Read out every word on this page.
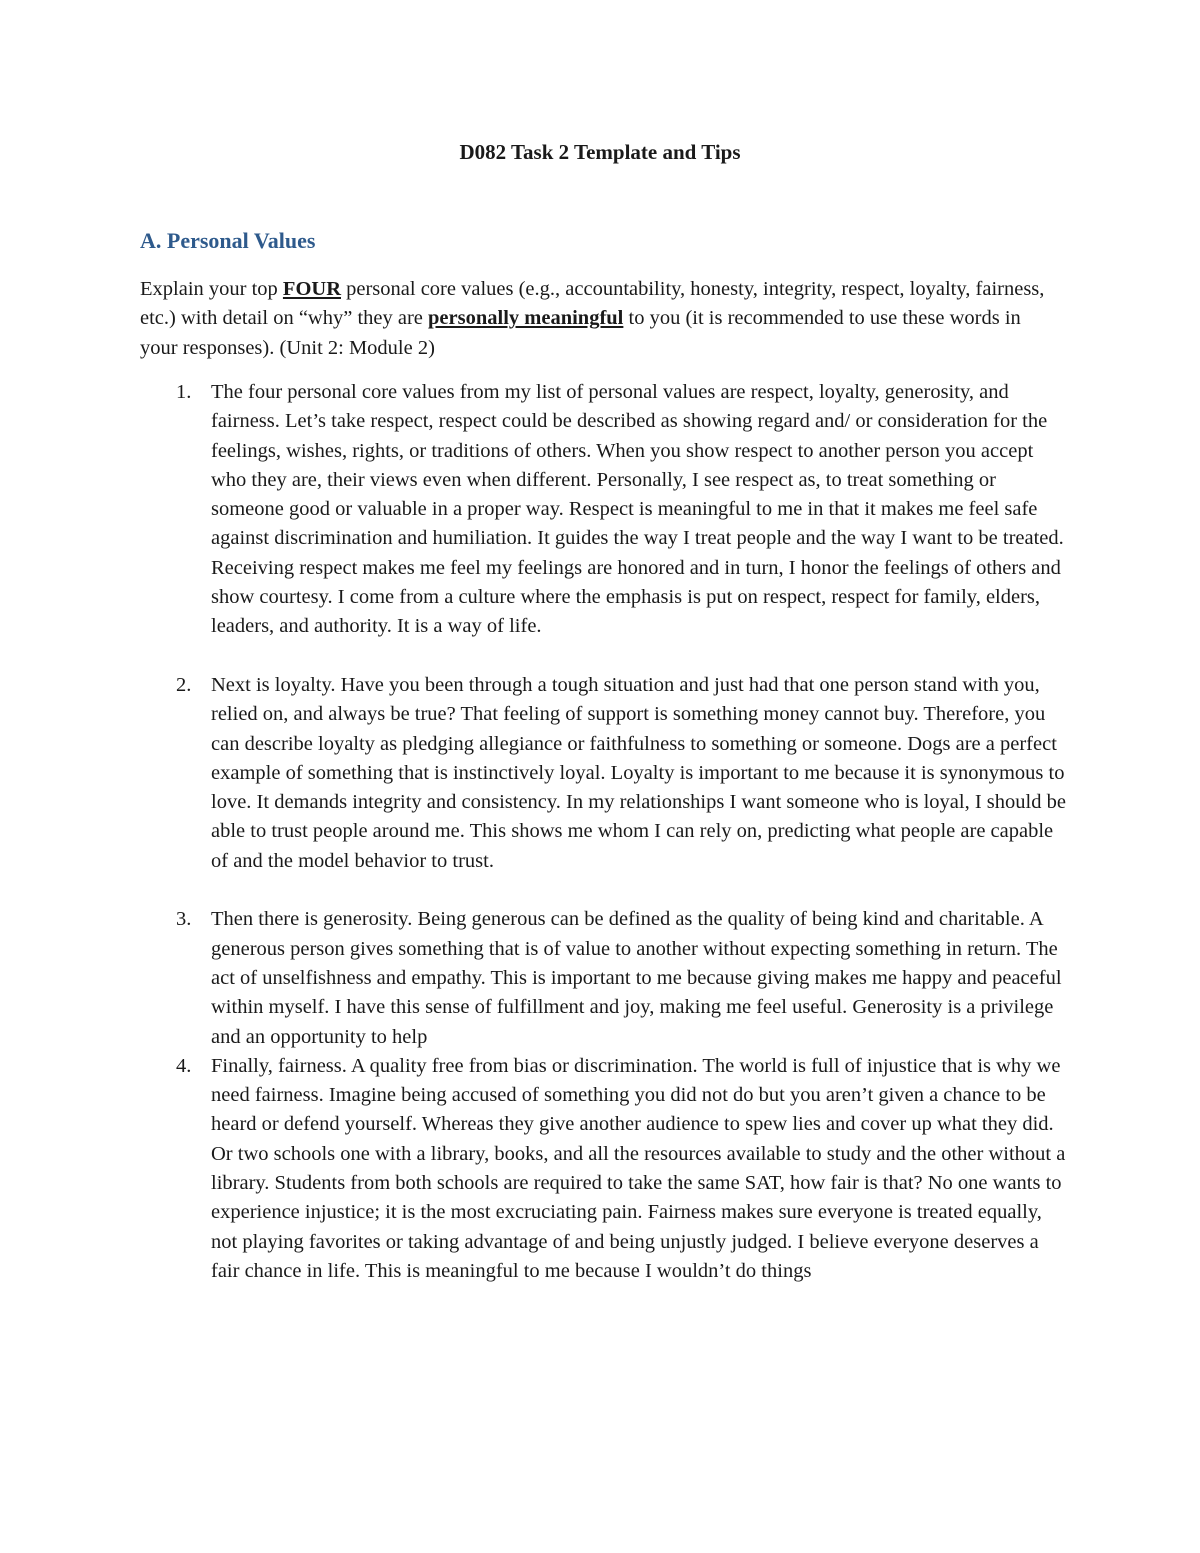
D082 Task 2 Template and Tips
A. Personal Values

Explain your top FOUR personal core values (e.g., accountability, honesty, integrity, respect, loyalty, fairness, etc.) with detail on “why” they are personally meaningful to you (it is recommended to use these words in your responses). (Unit 2: Module 2)

1. The four personal core values from my list of personal values are respect, loyalty, generosity, and fairness. Let’s take respect, respect could be described as showing regard and/ or consideration for the feelings, wishes, rights, or traditions of others. When you show respect to another person you accept who they are, their views even when different. Personally, I see respect as, to treat something or someone good or valuable in a proper way. Respect is meaningful to me in that it makes me feel safe against discrimination and humiliation. It guides the way I treat people and the way I want to be treated. Receiving respect makes me feel my feelings are honored and in turn, I honor the feelings of others and show courtesy. I come from a culture where the emphasis is put on respect, respect for family, elders, leaders, and authority. It is a way of life.
2. Next is loyalty. Have you been through a tough situation and just had that one person stand with you, relied on, and always be true? That feeling of support is something money cannot buy. Therefore, you can describe loyalty as pledging allegiance or faithfulness to something or someone. Dogs are a perfect example of something that is instinctively loyal. Loyalty is important to me because it is synonymous to love. It demands integrity and consistency. In my relationships I want someone who is loyal, I should be able to trust people around me. This shows me whom I can rely on, predicting what people are capable of and the model behavior to trust.
3. Then there is generosity. Being generous can be defined as the quality of being kind and charitable. A generous person gives something that is of value to another without expecting something in return. The act of unselfishness and empathy. This is important to me because giving makes me happy and peaceful within myself. I have this sense of fulfillment and joy, making me feel useful. Generosity is a privilege and an opportunity to help
4. Finally, fairness. A quality free from bias or discrimination. The world is full of injustice that is why we need fairness. Imagine being accused of something you did not do but you aren’t given a chance to be heard or defend yourself. Whereas they give another audience to spew lies and cover up what they did. Or two schools one with a library, books, and all the resources available to study and the other without a library. Students from both schools are required to take the same SAT, how fair is that? No one wants to experience injustice; it is the most excruciating pain. Fairness makes sure everyone is treated equally, not playing favorites or taking advantage of and being unjustly judged. I believe everyone deserves a fair chance in life. This is meaningful to me because I wouldn’t do things
